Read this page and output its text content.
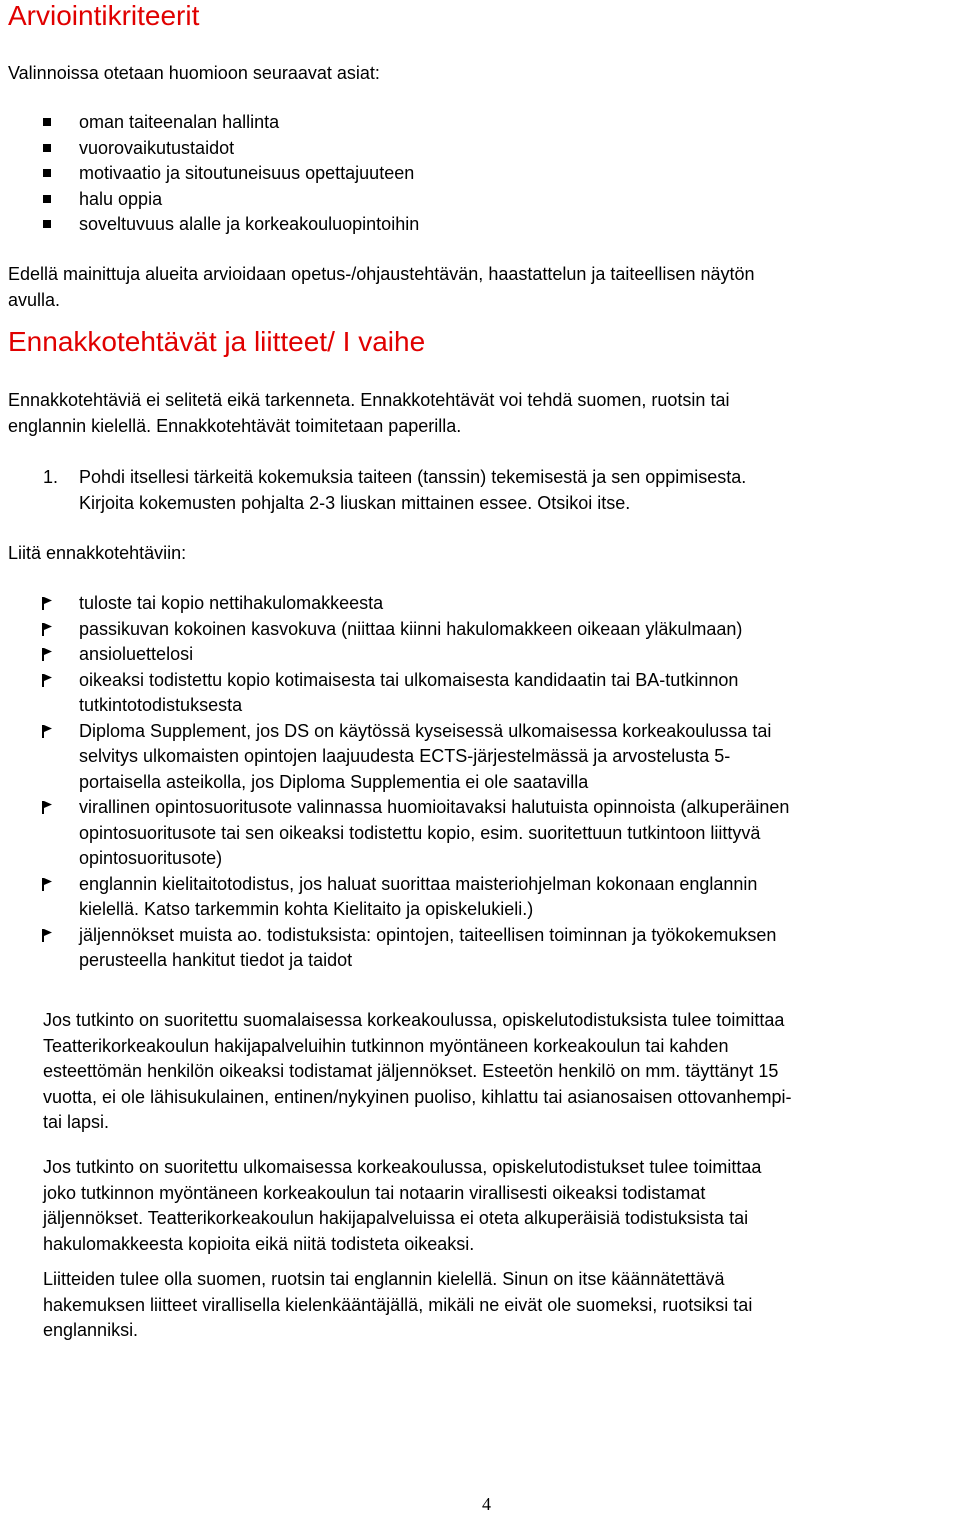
Arviointikriteerit
Valinnoissa otetaan huomioon seuraavat asiat:
oman taiteenalan hallinta
vuorovaikutustaidot
motivaatio ja sitoutuneisuus opettajuuteen
halu oppia
soveltuvuus alalle ja korkeakouluopintoihin
Edellä mainittuja alueita arvioidaan opetus-/ohjaustehtävän, haastattelun ja taiteellisen näytön
avulla.
Ennakkotehtävät ja liitteet/ I vaihe
Ennakkotehtäviä ei selitetä eikä tarkenneta. Ennakkotehtävät voi tehdä suomen, ruotsin tai
englannin kielellä. Ennakkotehtävät toimitetaan paperilla.
1. Pohdi itsellesi tärkeitä kokemuksia taiteen (tanssin) tekemisestä ja sen oppimisesta.
Kirjoita kokemusten pohjalta 2-3 liuskan mittainen essee. Otsikoi itse.
Liitä ennakkotehtäviin:
tuloste tai kopio nettihakulomakkeesta
passikuvan kokoinen kasvokuva (niittaa kiinni hakulomakkeen oikeaan yläkulmaan)
ansioluettelosi
oikeaksi todistettu kopio kotimaisesta tai ulkomaisesta kandidaatin tai BA-tutkinnon
tutkintotodistuksesta
Diploma Supplement, jos DS on käytössä kyseisessä ulkomaisessa korkeakoulussa tai
selvitys ulkomaisten opintojen laajuudesta ECTS-järjestelmässä ja arvostelusta 5-
portaisella asteikolla, jos Diploma Supplementia ei ole saatavilla
virallinen opintosuoritusote valinnassa huomioitavaksi halutuista opinnoista (alkuperäinen
opintosuoritusote tai sen oikeaksi todistettu kopio, esim. suoritettuun tutkintoon liittyvä
opintosuoritusote)
englannin kielitaitotodistus, jos haluat suorittaa maisteriohjelman kokonaan englannin
kielellä. Katso tarkemmin kohta Kielitaito ja opiskelukieli.)
jäljennökset muista ao. todistuksista: opintojen, taiteellisen toiminnan ja työkokemuksen
perusteella hankitut tiedot ja taidot
Jos tutkinto on suoritettu suomalaisessa korkeakoulussa, opiskelutodistuksista tulee toimittaa
Teatterikorkeakoulun hakijapalveluihin tutkinnon myöntäneen korkeakoulun tai kahden
esteettömän henkilön oikeaksi todistamat jäljennökset. Esteetön henkilö on mm. täyttänyt 15
vuotta, ei ole lähisukulainen, entinen/nykyinen puoliso, kihlattu tai asianosaisen ottovanhempi-
tai lapsi.
Jos tutkinto on suoritettu ulkomaisessa korkeakoulussa, opiskelutodistukset tulee toimittaa
joko tutkinnon myöntäneen korkeakoulun tai notaarin virallisesti oikeaksi todistamat
jäljennökset. Teatterikorkeakoulun hakijapalveluissa ei oteta alkuperäisiä todistuksista tai
hakulomakkeesta kopioita eikä niitä todisteta oikeaksi.
Liitteiden tulee olla suomen, ruotsin tai englannin kielellä. Sinun on itse käännätettävä
hakemuksen liitteet virallisella kielenkääntäjällä, mikäli ne eivät ole suomeksi, ruotsiksi tai
englanniksi.
4
